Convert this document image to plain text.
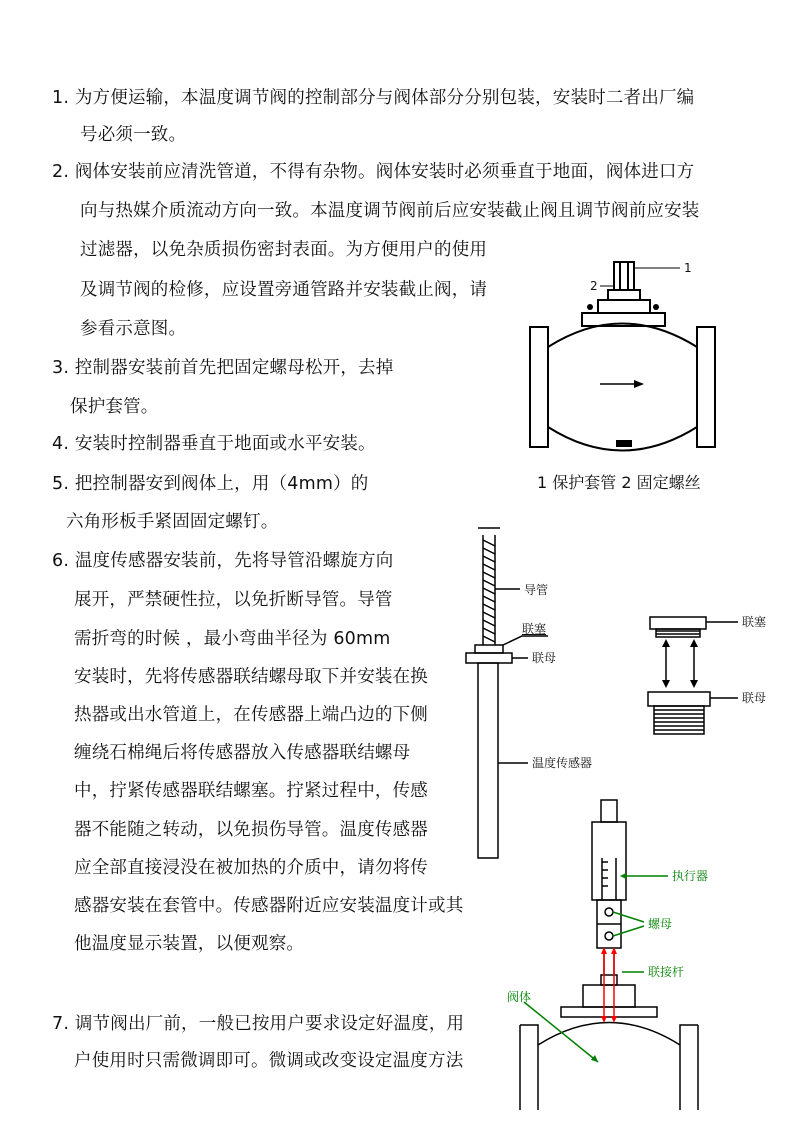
1. 为方便运输，本温度调节阀的控制部分与阀体部分分别包装，安装时二者出厂编
号必须一致。
2. 阀体安装前应清洗管道，不得有杂物。阀体安装时必须垂直于地面，阀体进口方
向与热媒介质流动方向一致。本温度调节阀前后应安装截止阀且调节阀前应安装
过滤器，以免杂质损伤密封表面。为方便用户的使用
及调节阀的检修，应设置旁通管路并安装截止阀，请
参看示意图。
3. 控制器安装前首先把固定螺母松开，去掉
保护套管。
4. 安装时控制器垂直于地面或水平安装。
5. 把控制器安到阀体上，用（4mm）的
六角形板手紧固固定螺钉。
6. 温度传感器安装前，先将导管沿螺旋方向
展开，严禁硬性拉，以免折断导管。导管
需折弯的时候 ，最小弯曲半径为 60mm
安装时，先将传感器联结螺母取下并安装在换
热器或出水管道上，在传感器上端凸边的下侧
缠绕石棉绳后将传感器放入传感器联结螺母
中，拧紧传感器联结螺塞。拧紧过程中，传感
器不能随之转动，以免损伤导管。温度传感器
应全部直接浸没在被加热的介质中，请勿将传
感器安装在套管中。传感器附近应安装温度计或其
他温度显示装置，以便观察。
7. 调节阀出厂前，一般已按用户要求设定好温度，用
户使用时只需微调即可。微调或改变设定温度方法
1
2
1 保护套管 2 固定螺丝
导管
联塞
联母
温度传感器
联塞
联母
执行器
螺母
联接杆
阀体
